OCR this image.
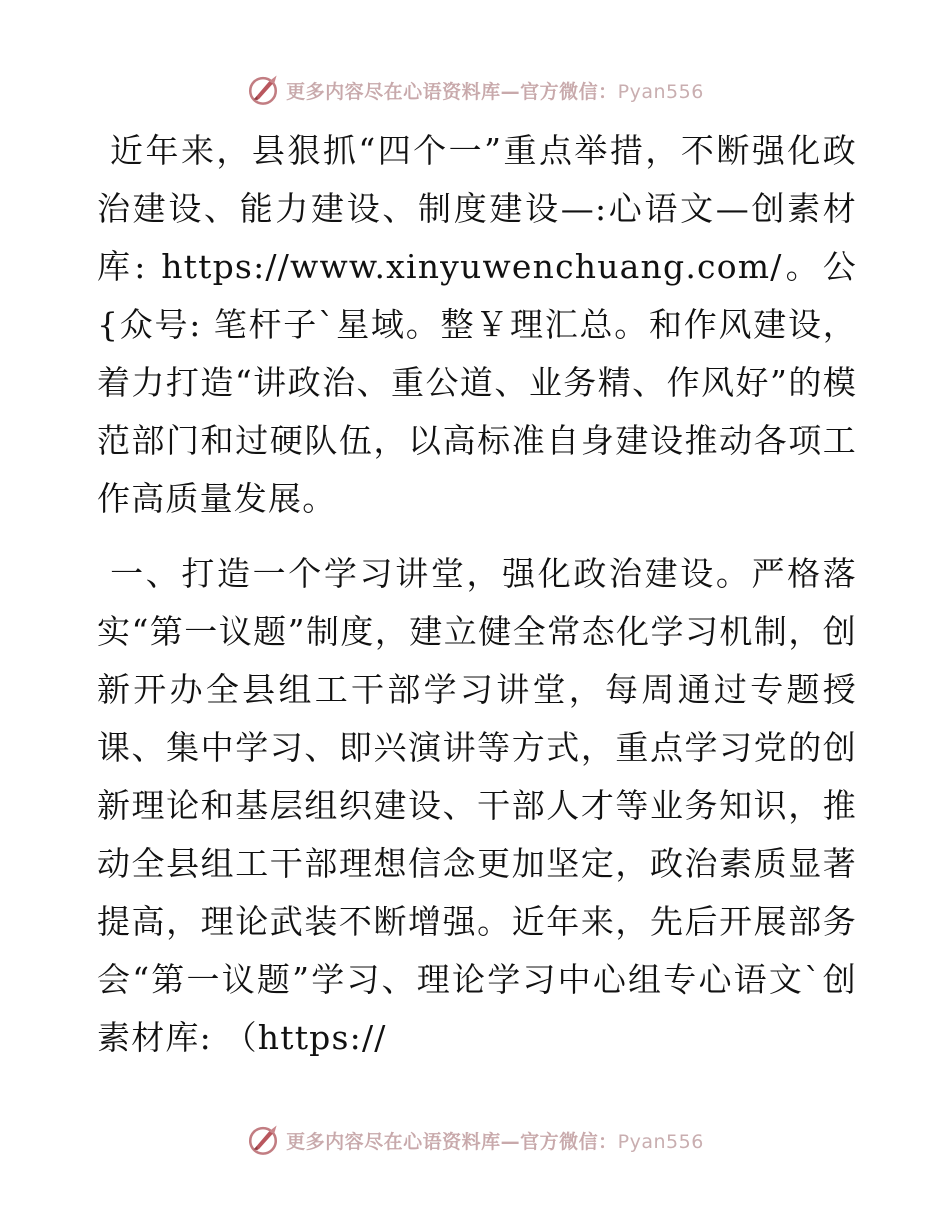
更多内容尽在心语资料库—官方微信：Pyan556

近年来，县狠抓“四个一”重点举措，不断强化政治建设、能力建设、制度建设—:心语文—创素材库: https://www.xinyuwenchuang.com/。公{众号: 笔杆子`星域。整￥理汇总。和作风建设，着力打造“讲政治、重公道、业务精、作风好”的模范部门和过硬队伍，以高标准自身建设推动各项工作高质量发展。

一、打造一个学习讲堂，强化政治建设。严格落实“第一议题”制度，建立健全常态化学习机制，创新开办全县组工干部学习讲堂，每周通过专题授课、集中学习、即兴演讲等方式，重点学习党的创新理论和基层组织建设、干部人才等业务知识，推动全县组工干部理想信念更加坚定，政治素质显著提高，理论武装不断增强。近年来，先后开展部务会“第一议题”学习、理论学习中心组专心语文`创素材库: （https://

更多内容尽在心语资料库—官方微信：Pyan556
